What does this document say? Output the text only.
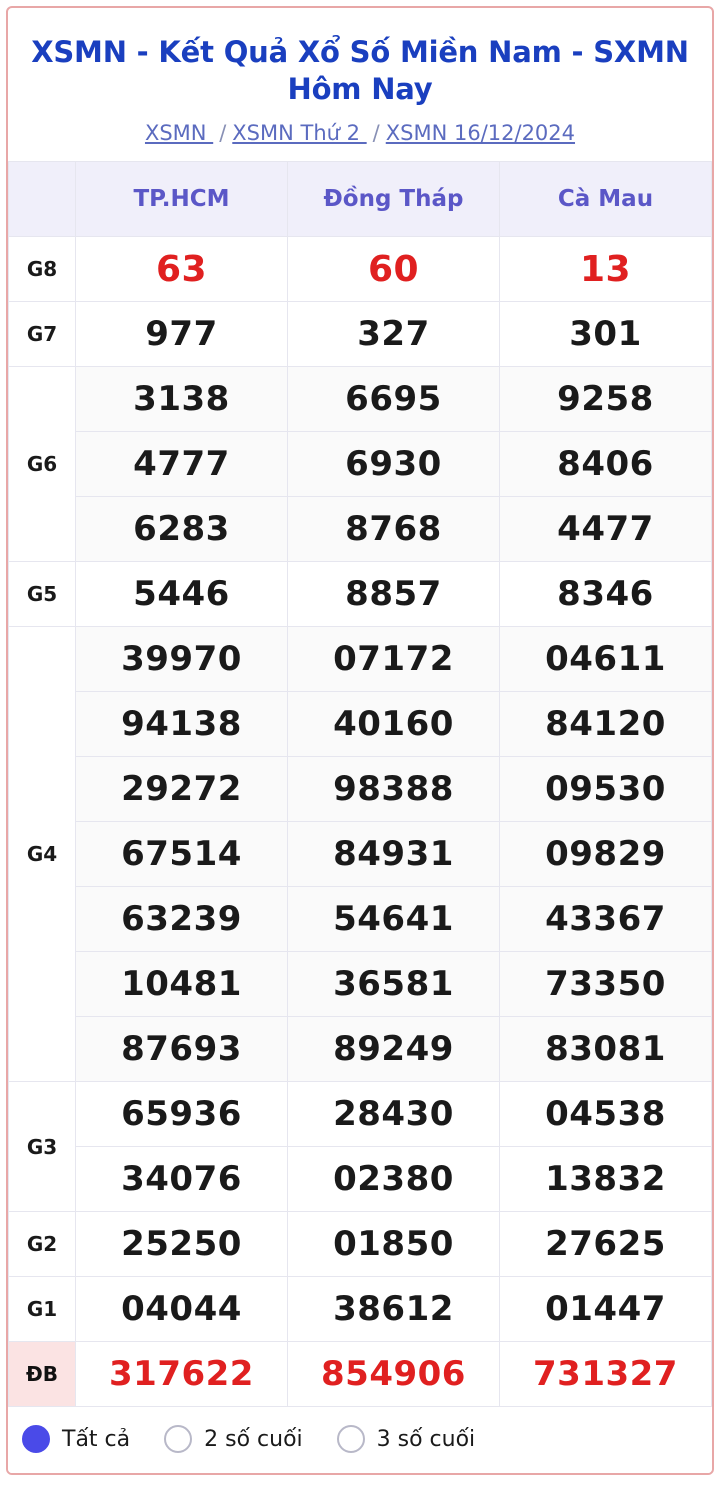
XSMN - Kết Quả Xổ Số Miền Nam - SXMN Hôm Nay
XSMN / XSMN Thứ 2 / XSMN 16/12/2024
	TP.HCM	Đồng Tháp	Cà Mau
G8	63	60	13
G7	977	327	301
G6	3138	6695	9258
	4777	6930	8406
	6283	8768	4477
G5	5446	8857	8346
G4	39970	07172	04611
	94138	40160	84120
	29272	98388	09530
	67514	84931	09829
	63239	54641	43367
	10481	36581	73350
	87693	89249	83081
G3	65936	28430	04538
	34076	02380	13832
G2	25250	01850	27625
G1	04044	38612	01447
ĐB	317622	854906	731327
Tất cả	2 số cuối	3 số cuối
